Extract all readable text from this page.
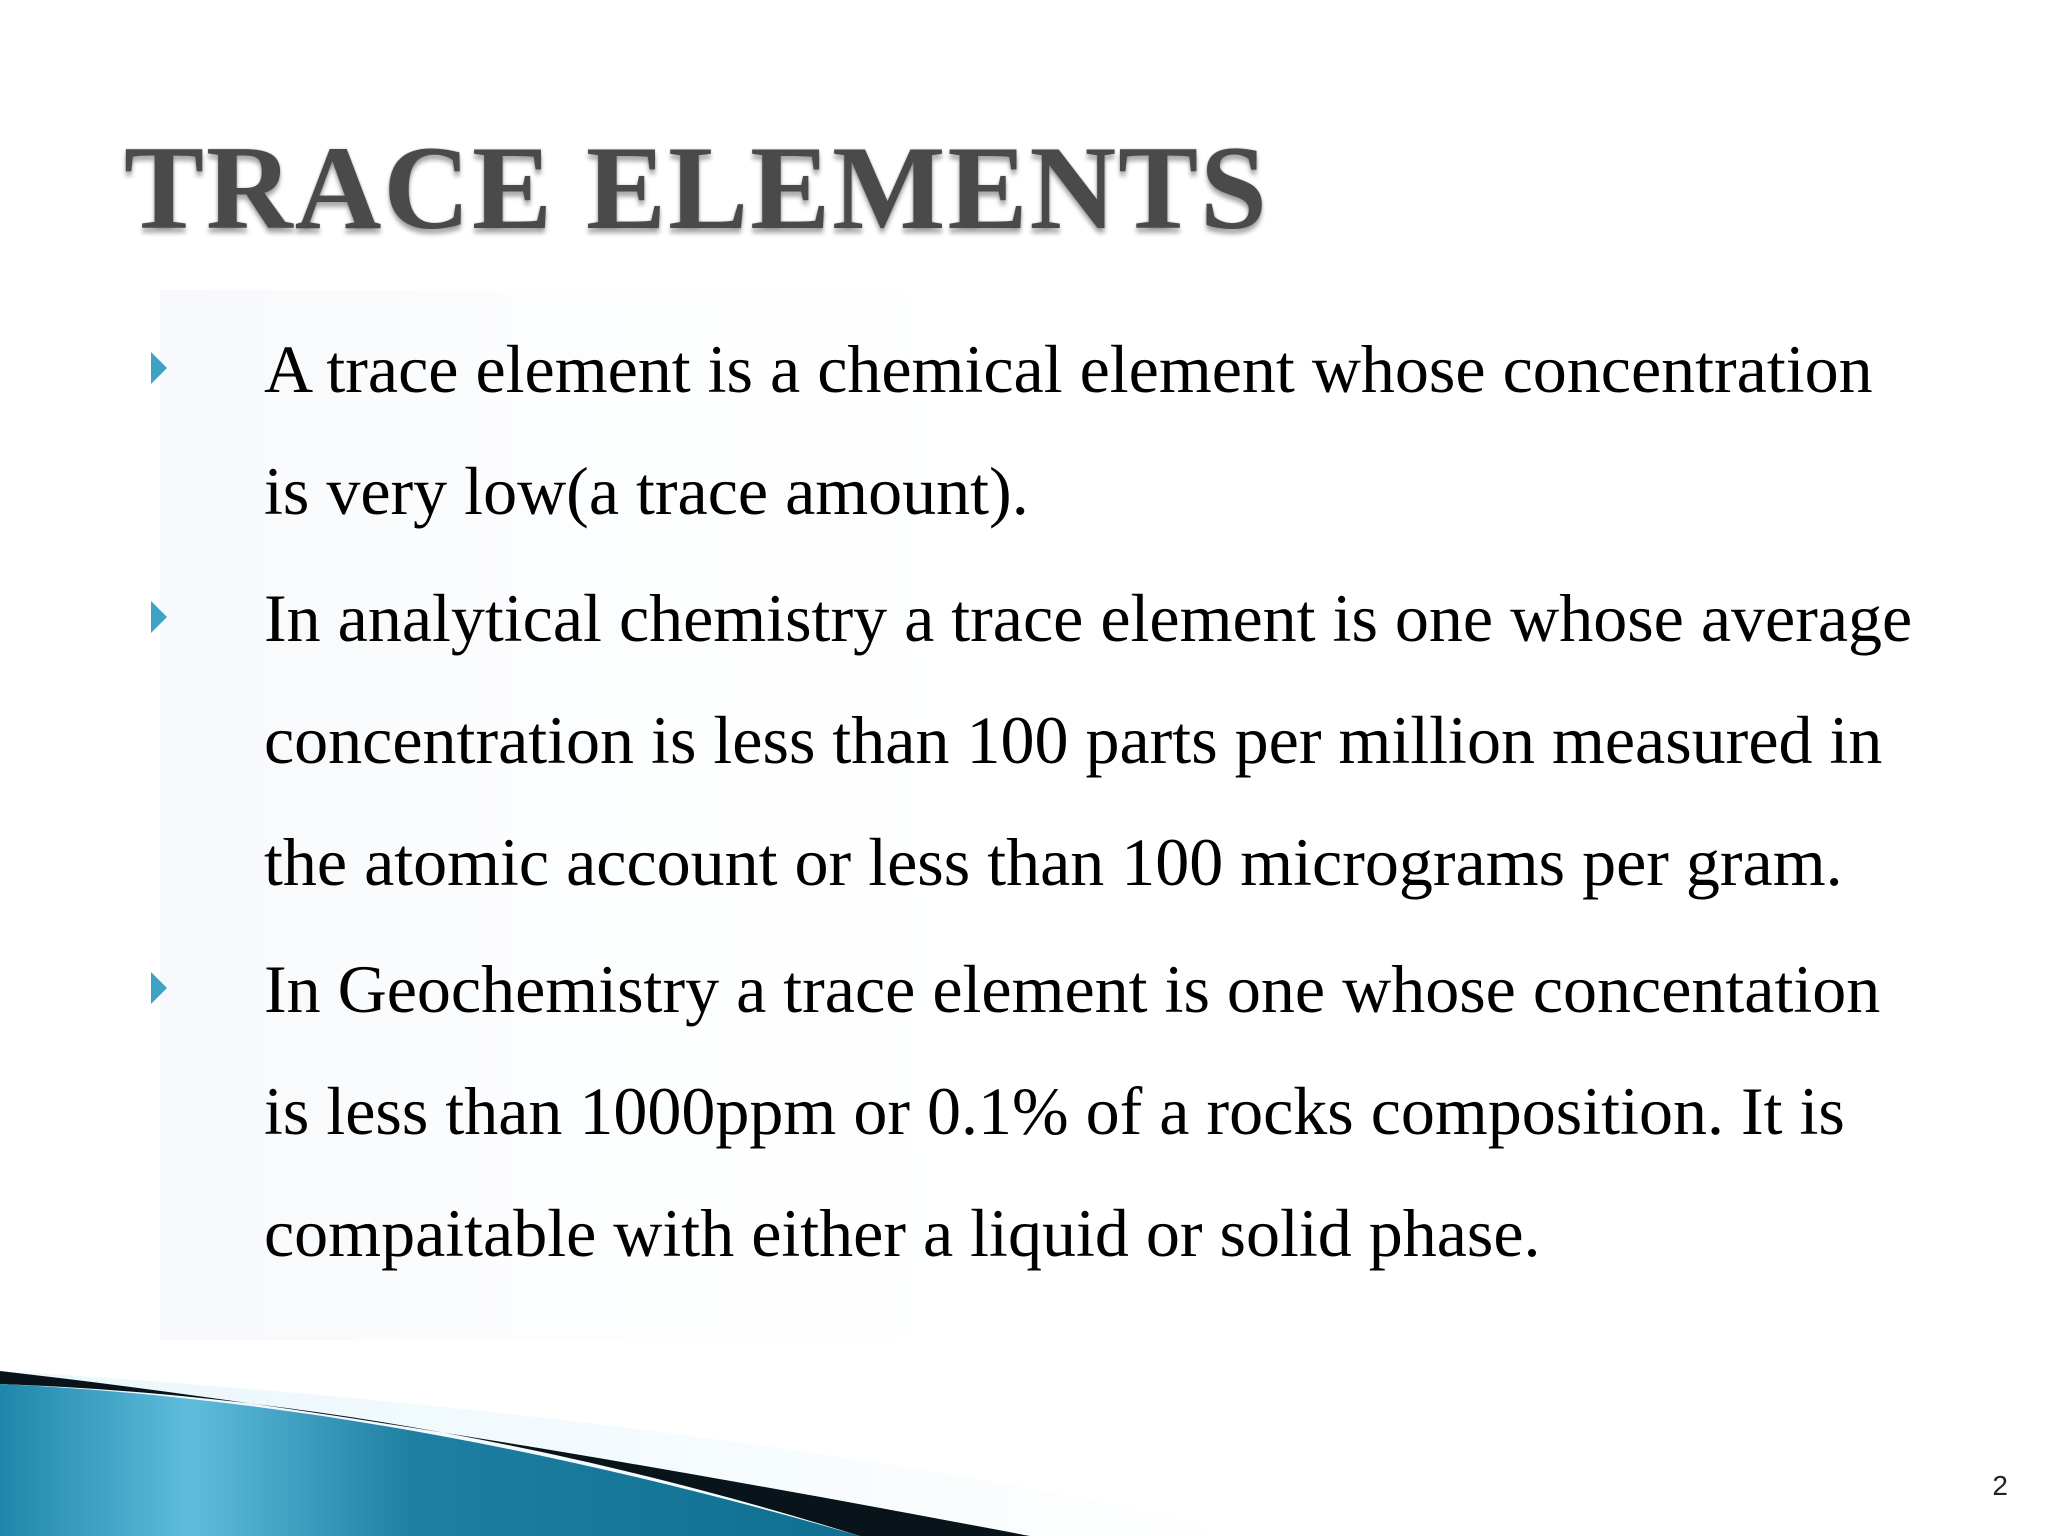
TRACE ELEMENTS
A trace element is a chemical element whose concentration
is very low(a trace amount).
In analytical chemistry a trace element is one whose average
concentration is less than 100 parts per million measured in
the atomic account or less than 100 micrograms per gram.
In Geochemistry a trace element is one whose concentation
is less than 1000ppm or 0.1% of a rocks composition. It is
compaitable with either a liquid or solid phase.
2
